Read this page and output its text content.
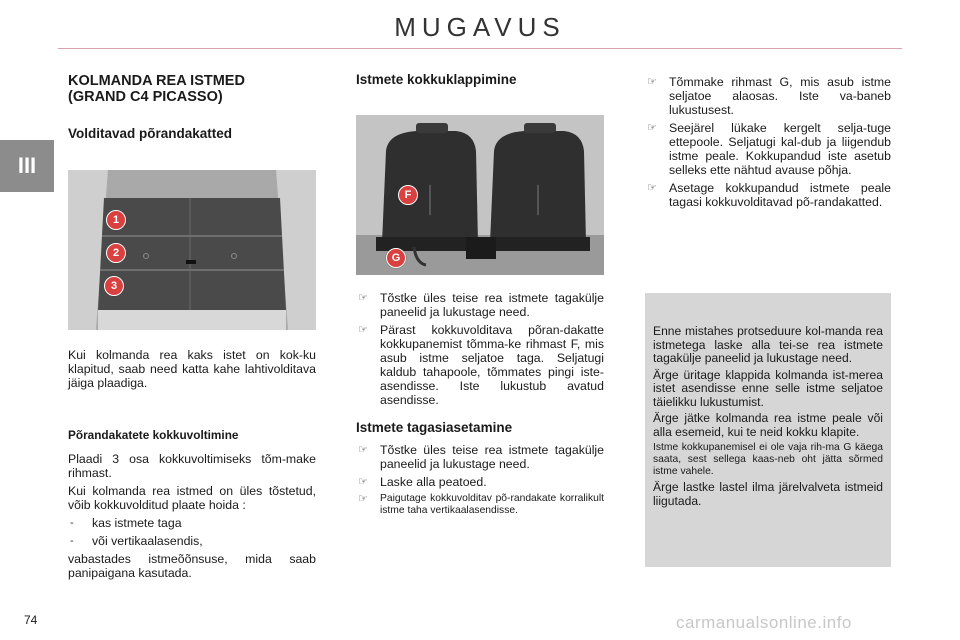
MUGAVUS
III
KOLMANDA REA ISTMED
(GRAND C4 PICASSO)
Volditavad põrandakatted
1
2
3

Kui kolmanda rea kaks istet on kok-ku klapitud, saab need katta kahe lahtivolditava jäiga plaadiga.

Põrandakatete kokkuvoltimine

Plaadi 3 osa kokkuvoltimiseks tõm-make rihmast.

Kui kolmanda rea istmed on üles tõstetud, võib kokkuvolditud plaate hoida :

- kas istmete taga
- või vertikaalasendis,

vabastades istmeõõnsuse, mida saab panipaigana kasutada.

Istmete kokkuklappimine
F
G
☞ Tõstke üles teise rea istmete tagakülje paneelid ja lukustage need.
☞ Pärast kokkuvolditava põran-dakatte kokkupanemist tõmma-ke rihmast F, mis asub istme seljatoe taga. Seljatugi kaldub tahapoole, tõmmates pingi iste-asendisse. Iste lukustub avatud asendisse.
Istmete tagasiasetamine
☞ Tõstke üles teise rea istmete tagakülje paneelid ja lukustage need.
☞ Laske alla peatoed.
☞ Paigutage kokkuvolditav põ-randakate korralikult istme taha vertikaalasendisse.
☞ Tõmmake rihmast G, mis asub istme seljatoe alaosas. Iste va-baneb lukustusest.
☞ Seejärel lükake kergelt selja-tuge ettepoole. Seljatugi kal-dub ja liigendub istme peale. Kokkupandud iste asetub selleks ette nähtud avause põhja.
☞ Asetage kokkupandud istmete peale tagasi kokkuvolditavad põ-randakatted.

Enne mistahes protseduure kol-manda rea istmetega laske alla tei-se rea istmete tagakülje paneelid ja lukustage need.

Ärge üritage klappida kolmanda ist-merea istet asendisse enne selle istme seljatoe täielikku lukustumist.

Ärge jätke kolmanda rea istme peale või alla esemeid, kui te neid kokku klapite.

Istme kokkupanemisel ei ole vaja rih-ma G käega saata, sest sellega kaas-neb oht jätta sõrmed istme vahele.

Ärge lastke lastel ilma järelvalveta istmeid liigutada.

74	carmanualsonline.info
